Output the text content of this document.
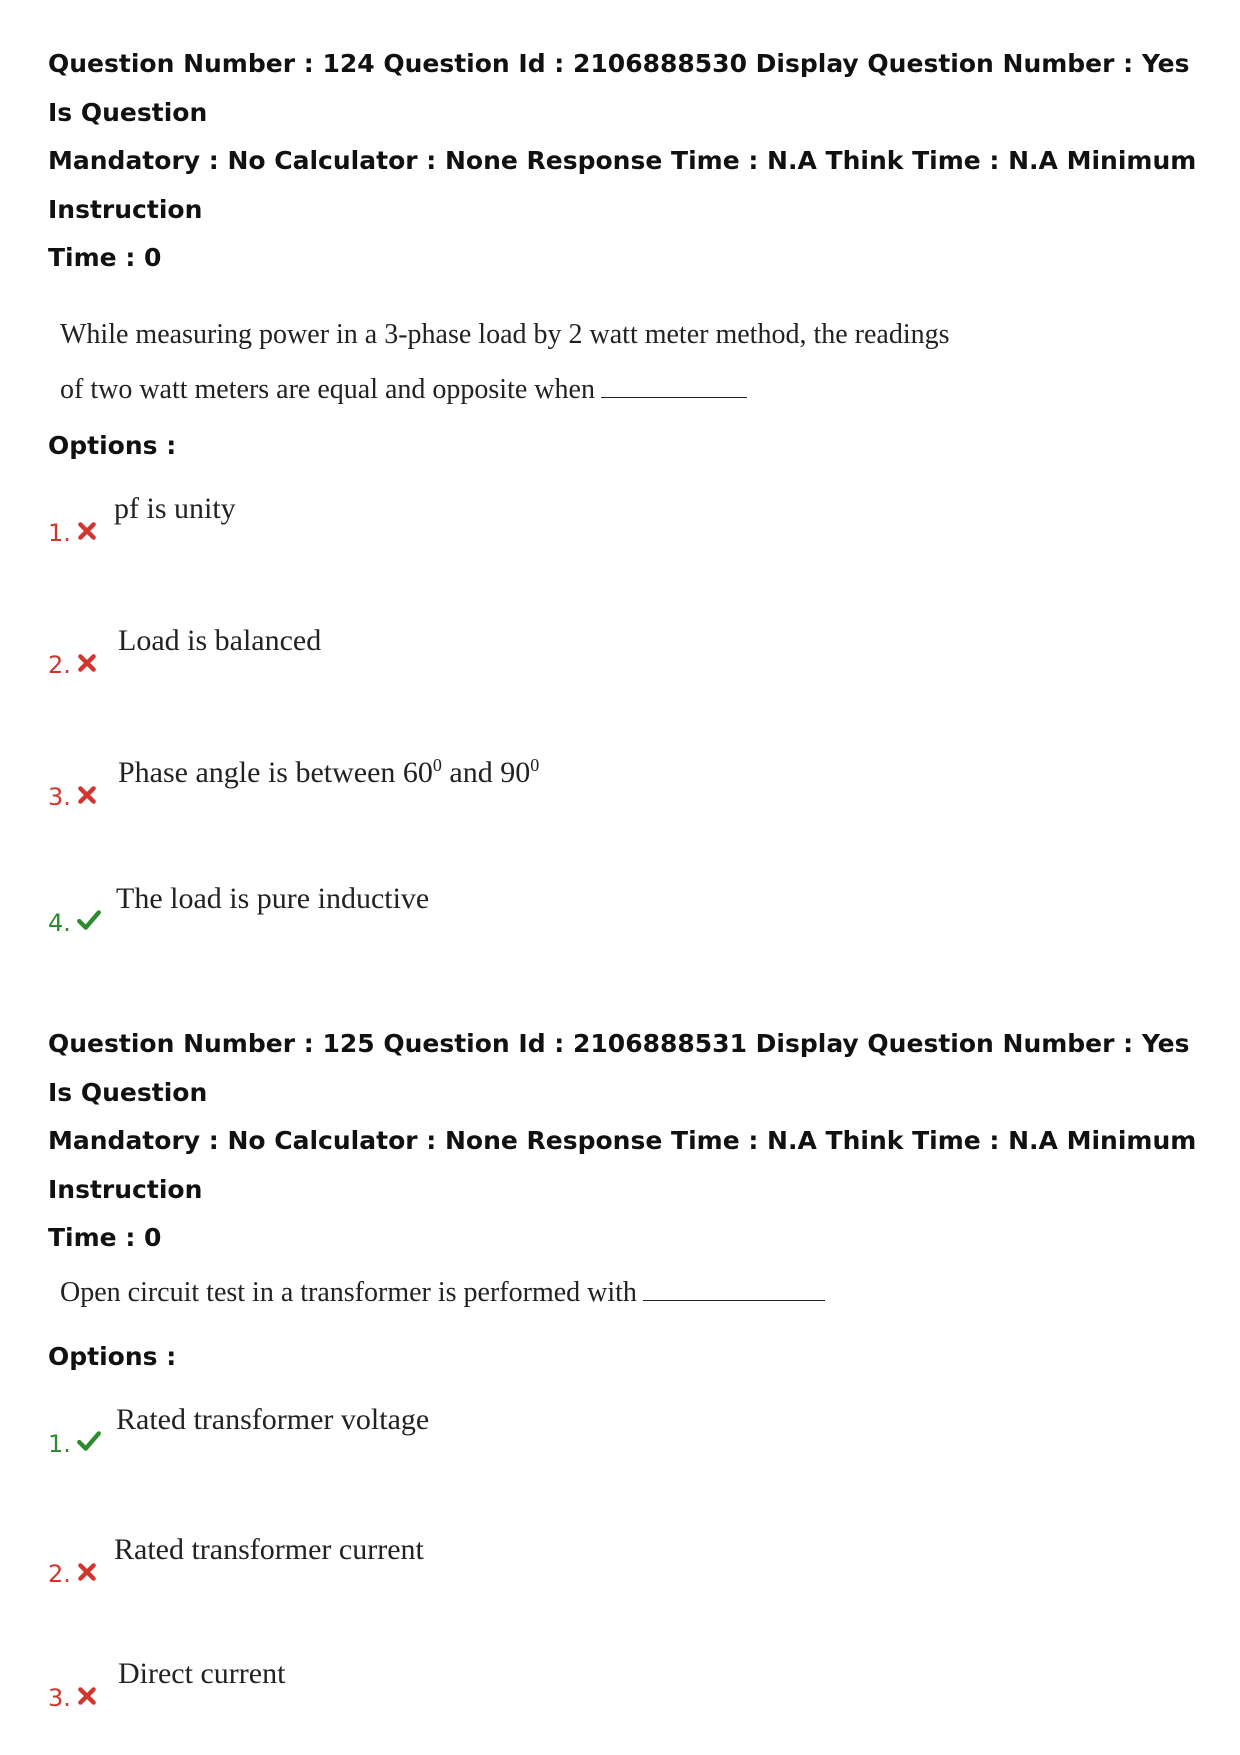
Question Number : 124 Question Id : 2106888530 Display Question Number : Yes Is Question

Mandatory : No Calculator : None Response Time : N.A Think Time : N.A Minimum Instruction

Time : 0

While measuring power in a 3-phase load by 2 watt meter method, the readings

of two watt meters are equal and opposite when

Options :

1.
pf is unity
2.
Load is balanced
3.
Phase angle is between $60^0$ and $90^0$
4.
The load is pure inductive

Question Number : 125 Question Id : 2106888531 Display Question Number : Yes Is Question

Mandatory : No Calculator : None Response Time : N.A Think Time : N.A Minimum Instruction

Time : 0

Open circuit test in a transformer is performed with

Options :

1.
Rated transformer voltage
2.
Rated transformer current
3.
Direct current
